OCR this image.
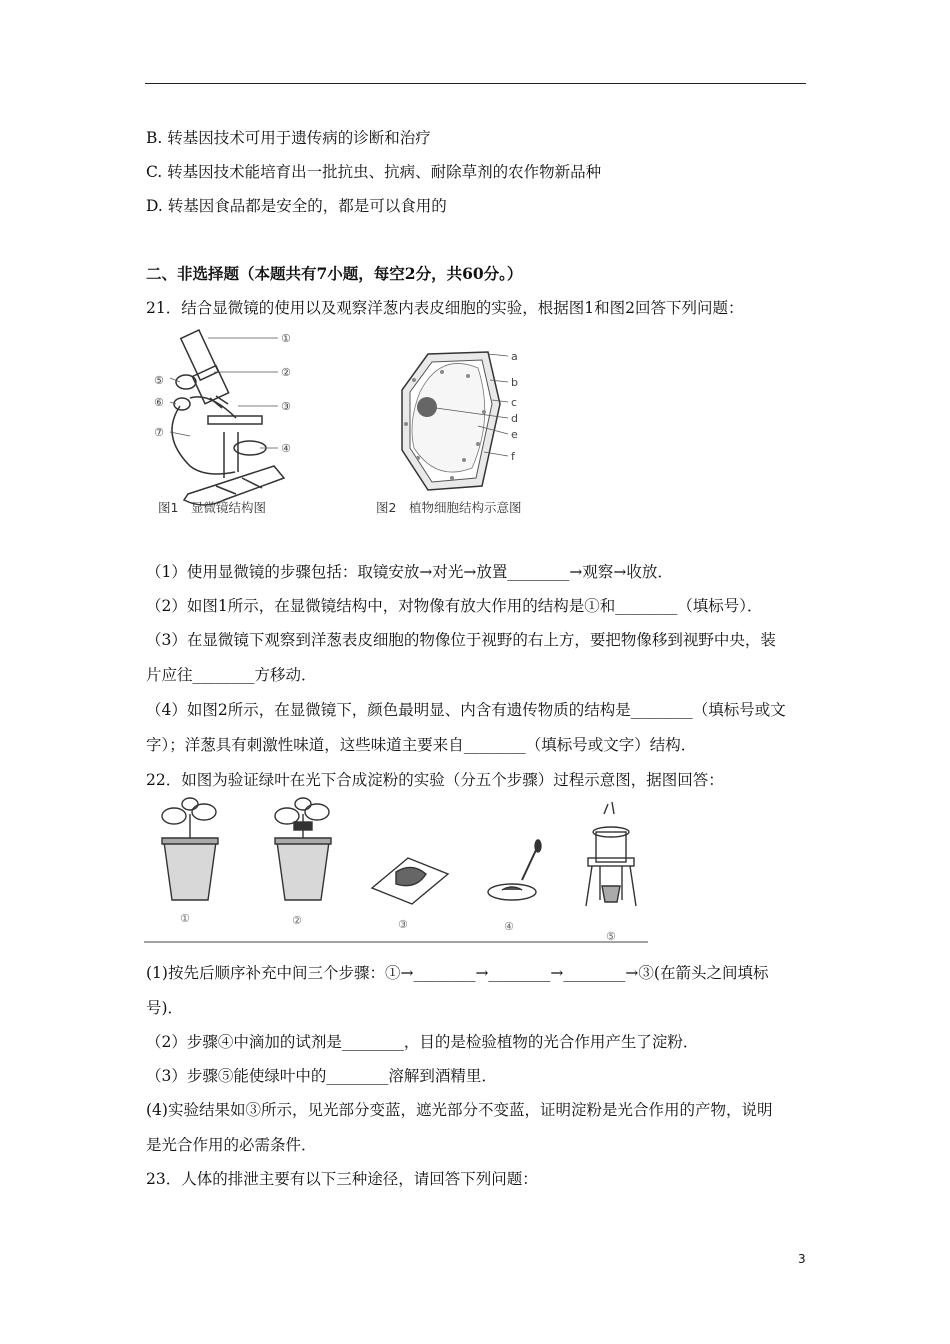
B. 转基因技术可用于遗传病的诊断和治疗
C. 转基因技术能培育出一批抗虫、抗病、耐除草剂的农作物新品种
D. 转基因食品都是安全的，都是可以食用的
二、非选择题（本题共有7小题，每空2分，共60分。）
21．结合显微镜的使用以及观察洋葱内表皮细胞的实验，根据图1和图2回答下列问题：
①
②
③
④
⑤
⑥
⑦
图1　显微镜结构图
a
b
c
d
e
f
图2　植物细胞结构示意图
（1）使用显微镜的步骤包括：取镜安放→对光→放置________→观察→收放．
（2）如图1所示，在显微镜结构中，对物像有放大作用的结构是①和________（填标号）．
（3）在显微镜下观察到洋葱表皮细胞的物像位于视野的右上方，要把物像移到视野中央，装
片应往________方移动．
（4）如图2所示，在显微镜下，颜色最明显、内含有遗传物质的结构是________（填标号或文
字）；洋葱具有刺激性味道，这些味道主要来自________（填标号或文字）结构．
22．如图为验证绿叶在光下合成淀粉的实验（分五个步骤）过程示意图，据图回答：
①	②	③	④
⑤
(1)按先后顺序补充中间三个步骤：①→________→________→________→③(在箭头之间填标
号)．
（2）步骤④中滴加的试剂是________，目的是检验植物的光合作用产生了淀粉．
（3）步骤⑤能使绿叶中的________溶解到酒精里．
(4)实验结果如③所示，见光部分变蓝，遮光部分不变蓝，证明淀粉是光合作用的产物，说明
是光合作用的必需条件．
23．人体的排泄主要有以下三种途径，请回答下列问题：
3
